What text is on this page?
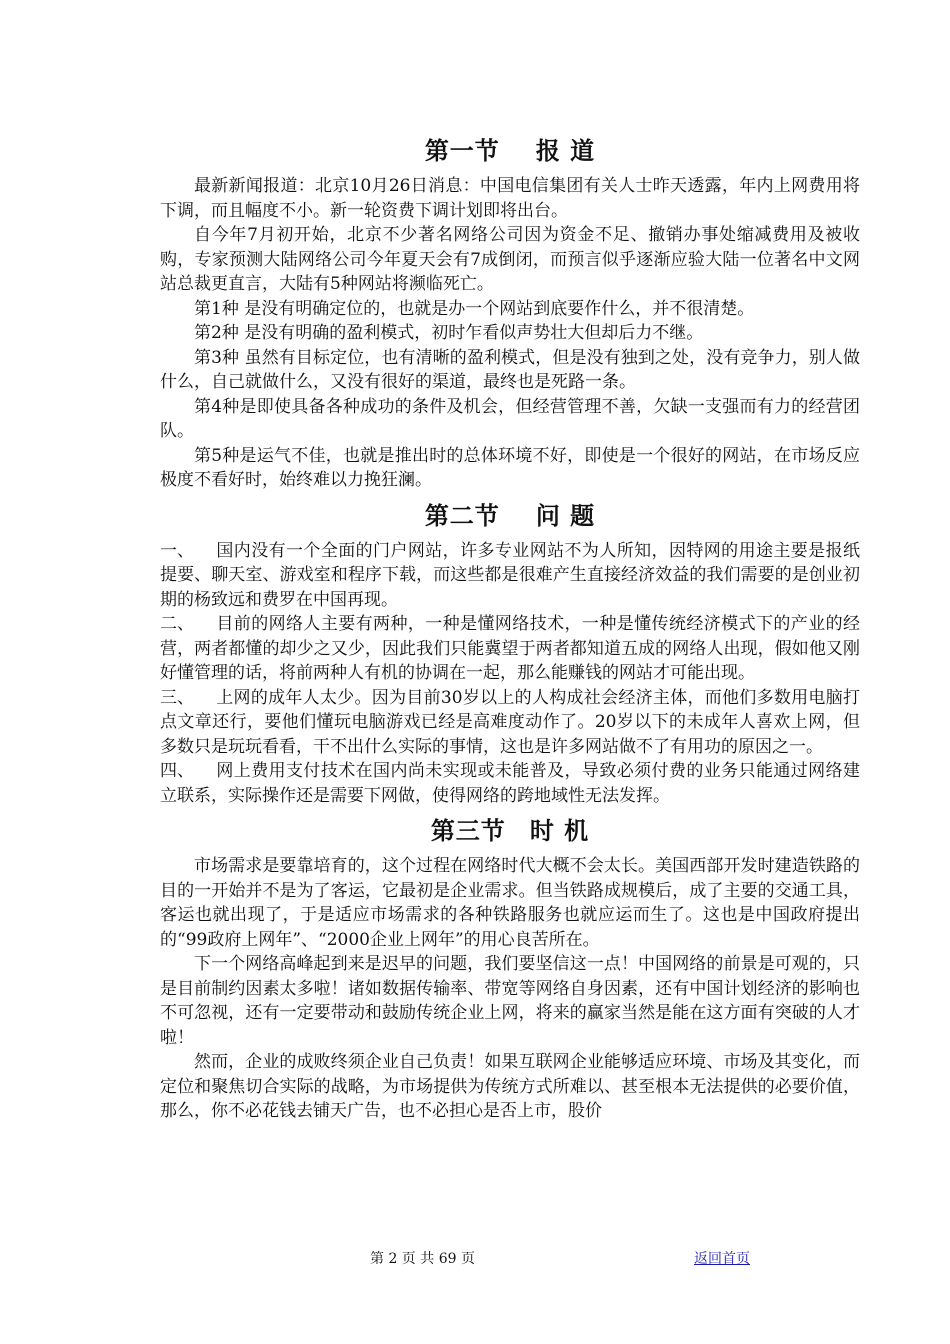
第一节 报 道

最新新闻报道：北京10月26日消息：中国电信集团有关人士昨天透露，年内上网费用将下调，而且幅度不小。新一轮资费下调计划即将出台。

自今年7月初开始，北京不少著名网络公司因为资金不足、撤销办事处缩减费用及被收购，专家预测大陆网络公司今年夏天会有7成倒闭，而预言似乎逐渐应验大陆一位著名中文网站总裁更直言，大陆有5种网站将濒临死亡。

第1种 是没有明确定位的，也就是办一个网站到底要作什么，并不很清楚。

第2种 是没有明确的盈利模式，初时乍看似声势壮大但却后力不继。

第3种 虽然有目标定位，也有清晰的盈利模式，但是没有独到之处，没有竞争力，别人做什么，自己就做什么，又没有很好的渠道，最终也是死路一条。

第4种是即使具备各种成功的条件及机会，但经营管理不善，欠缺一支强而有力的经营团队。

第5种是运气不佳，也就是推出时的总体环境不好，即使是一个很好的网站，在市场反应极度不看好时，始终难以力挽狂澜。

第二节 问 题

一、 国内没有一个全面的门户网站，许多专业网站不为人所知，因特网的用途主要是报纸提要、聊天室、游戏室和程序下载，而这些都是很难产生直接经济效益的我们需要的是创业初期的杨致远和费罗在中国再现。

二、 目前的网络人主要有两种，一种是懂网络技术，一种是懂传统经济模式下的产业的经营，两者都懂的却少之又少，因此我们只能冀望于两者都知道五成的网络人出现，假如他又刚好懂管理的话，将前两种人有机的协调在一起，那么能赚钱的网站才可能出现。

三、 上网的成年人太少。因为目前30岁以上的人构成社会经济主体，而他们多数用电脑打点文章还行，要他们懂玩电脑游戏已经是高难度动作了。20岁以下的未成年人喜欢上网，但多数只是玩玩看看，干不出什么实际的事情，这也是许多网站做不了有用功的原因之一。

四、 网上费用支付技术在国内尚未实现或未能普及，导致必须付费的业务只能通过网络建立联系，实际操作还是需要下网做，使得网络的跨地域性无法发挥。

第三节 时 机

市场需求是要靠培育的，这个过程在网络时代大概不会太长。美国西部开发时建造铁路的目的一开始并不是为了客运，它最初是企业需求。但当铁路成规模后，成了主要的交通工具，客运也就出现了，于是适应市场需求的各种铁路服务也就应运而生了。这也是中国政府提出的“99政府上网年”、“2000企业上网年”的用心良苦所在。

下一个网络高峰起到来是迟早的问题，我们要坚信这一点！中国网络的前景是可观的，只是目前制约因素太多啦！诸如数据传输率、带宽等网络自身因素，还有中国计划经济的影响也不可忽视，还有一定要带动和鼓励传统企业上网，将来的赢家当然是能在这方面有突破的人才啦！

然而，企业的成败终须企业自己负责！如果互联网企业能够适应环境、市场及其变化，而定位和聚焦切合实际的战略，为市场提供为传统方式所难以、甚至根本无法提供的必要价值，那么，你不必花钱去铺天广告，也不必担心是否上市，股价

第 2 页 共 69 页	返回首页
